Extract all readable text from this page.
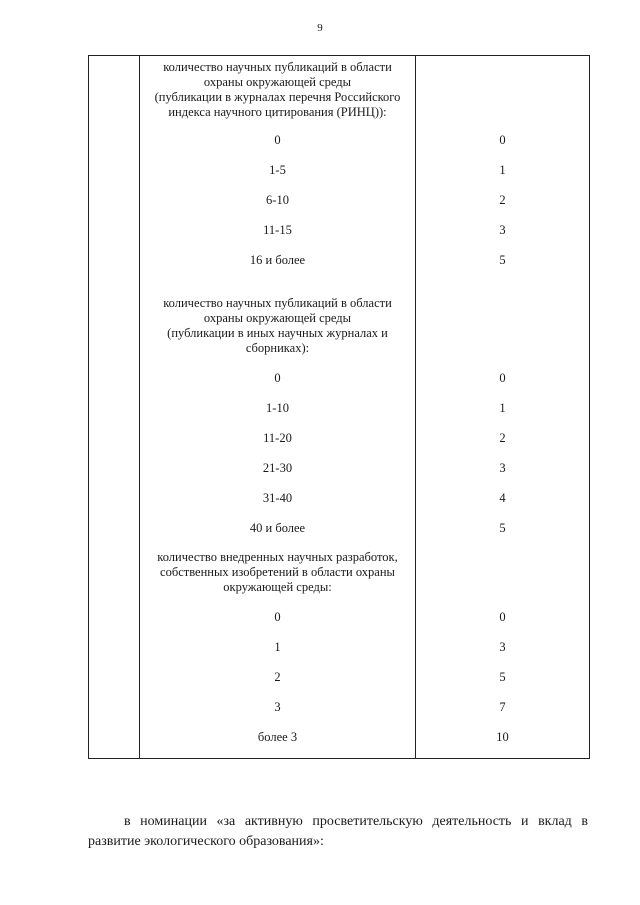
9
количество научных публикаций в области
охраны окружающей среды
(публикации в журналах перечня Российского
индекса научного цитирования (РИНЦ)):
0	0
1-5	1
6-10	2
11-15	3
16 и более	5
количество научных публикаций в области
охраны окружающей среды
(публикации в иных научных журналах и
сборниках):
0	0
1-10	1
11-20	2
21-30	3
31-40	4
40 и более	5
количество внедренных научных разработок,
собственных изобретений в области охраны
окружающей среды:
0	0
1	3
2	5
3	7
более 3	10
в номинации «за активную просветительскую деятельность и вклад в развитие экологического образования»:
